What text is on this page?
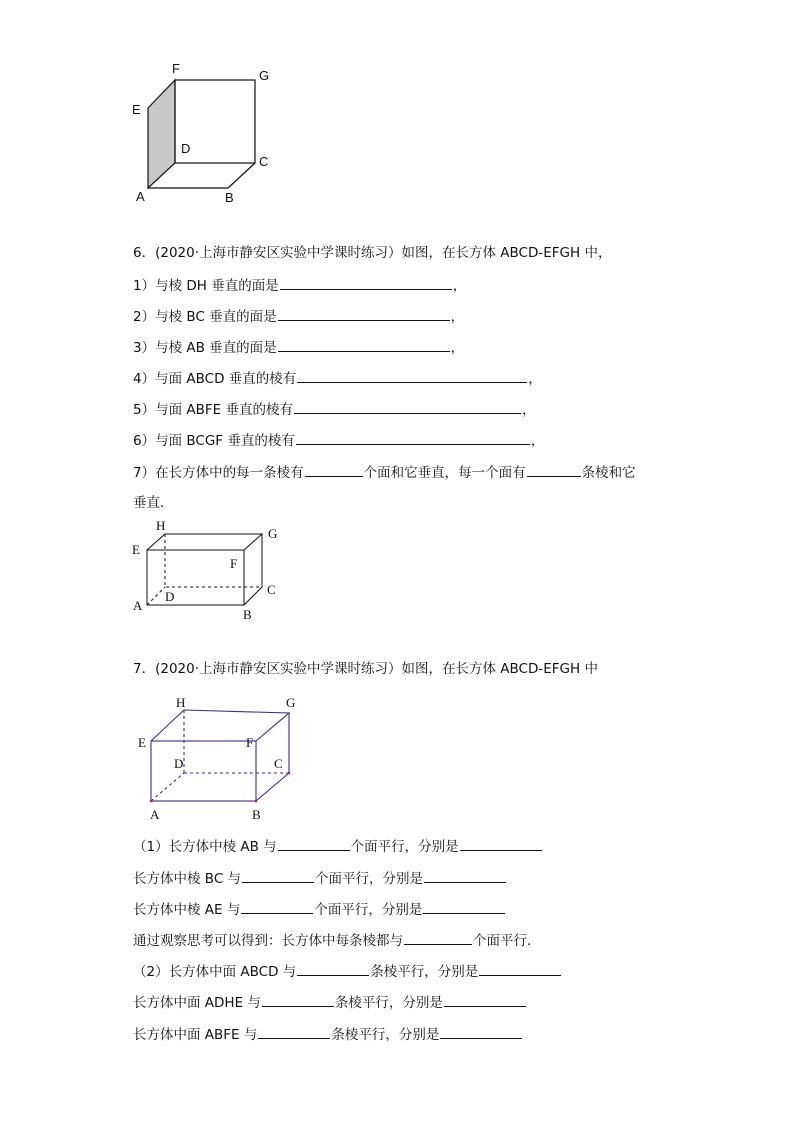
F	G
E
D
C
A	B
6．(2020·上海市静安区实验中学课时练习）如图，在长方体 ABCD-EFGH 中，
1）与棱 DH 垂直的面是	，
2）与棱 BC 垂直的面是	，
3）与棱 AB 垂直的面是	，
4）与面 ABCD 垂直的棱有	，
5）与面 ABFE 垂直的棱有	，
6）与面 BCGF 垂直的棱有	，
7）在长方体中的每一条棱有	个面和它垂直，每一个面有	条棱和它
垂直．
H
G
E
F
C
D
A
B
7．(2020·上海市静安区实验中学课时练习）如图，在长方体 ABCD-EFGH 中
H	G
E	F
D	C
A	B
（1）长方体中棱 AB 与	个面平行，分别是
长方体中棱 BC 与	个面平行，分别是
长方体中棱 AE 与	个面平行，分别是
通过观察思考可以得到：长方体中每条棱都与	个面平行．
（2）长方体中面 ABCD 与	条棱平行，分别是
长方体中面 ADHE 与	条棱平行，分别是
长方体中面 ABFE 与	条棱平行，分别是
